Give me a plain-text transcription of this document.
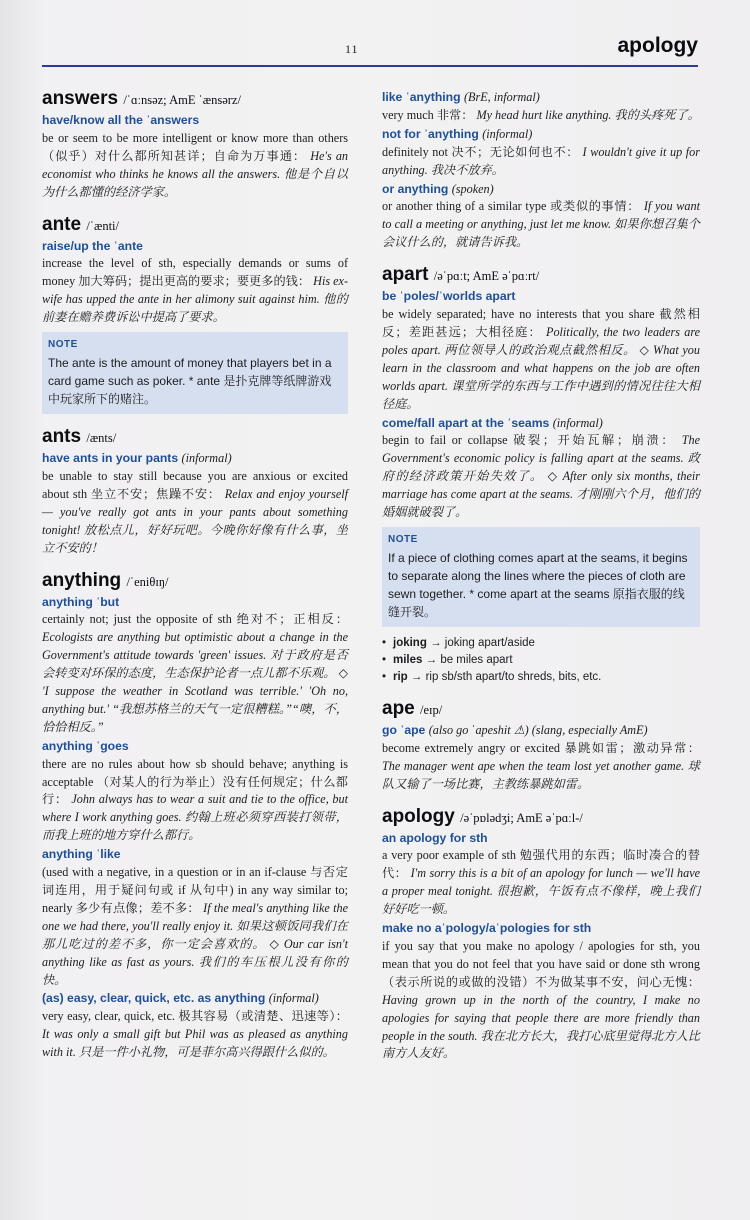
11	apology
answers /ˈɑːnsəz; AmE ˈænsərz/
have/know all the ˈanswers
be or seem to be more intelligent or know more than others （似乎）对什么都所知甚详；自命为万事通： He's an economist who thinks he knows all the answers. 他是个自以为什么都懂的经济学家。
ante /ˈænti/
raise/up the ˈante
increase the level of sth, especially demands or sums of money 加大筹码；提出更高的要求；要更多的钱： His ex-wife has upped the ante in her alimony suit against him. 他的前妻在赡养费诉讼中提高了要求。
NOTE
The ante is the amount of money that players bet in a card game such as poker. * ante 是扑克牌等纸牌游戏中玩家所下的赌注。
ants /ænts/
have ants in your pants (informal)
be unable to stay still because you are anxious or excited about sth 坐立不安；焦躁不安： Relax and enjoy yourself — you've really got ants in your pants about something tonight! 放松点儿，好好玩吧。今晚你好像有什么事，坐立不安的！
anything /ˈeniθɪŋ/
anything ˈbut
certainly not; just the opposite of sth 绝对不；正相反： Ecologists are anything but optimistic about a change in the Government's attitude towards 'green' issues. 对于政府是否会转变对环保的态度，生态保护论者一点儿都不乐观。 ◇ 'I suppose the weather in Scotland was terrible.' 'Oh no, anything but.' “我想苏格兰的天气一定很糟糕。”“噢，不，恰恰相反。”
anything ˈgoes
there are no rules about how sb should behave; anything is acceptable （对某人的行为举止）没有任何规定；什么都行： John always has to wear a suit and tie to the office, but where I work anything goes. 约翰上班必须穿西装打领带，而我上班的地方穿什么都行。
anything ˈlike
(used with a negative, in a question or in an if-clause 与否定词连用，用于疑问句或 if 从句中) in any way similar to; nearly 多少有点像；差不多： If the meal's anything like the one we had there, you'll really enjoy it. 如果这顿饭同我们在那儿吃过的差不多，你一定会喜欢的。 ◇ Our car isn't anything like as fast as yours. 我们的车压根儿没有你的快。
(as) easy, clear, quick, etc. as anything (informal)
very easy, clear, quick, etc. 极其容易（或清楚、迅速等）： It was only a small gift but Phil was as pleased as anything with it. 只是一件小礼物，可是菲尔高兴得跟什么似的。
like ˈanything (BrE, informal)
very much 非常： My head hurt like anything. 我的头疼死了。
not for ˈanything (informal)
definitely not 决不；无论如何也不： I wouldn't give it up for anything. 我决不放弃。
or anything (spoken)
or another thing of a similar type 或类似的事情： If you want to call a meeting or anything, just let me know. 如果你想召集个会议什么的，就请告诉我。
apart /əˈpɑːt; AmE əˈpɑːrt/
be ˈpoles/ˈworlds apart
be widely separated; have no interests that you share 截然相反；差距甚远；大相径庭： Politically, the two leaders are poles apart. 两位领导人的政治观点截然相反。 ◇ What you learn in the classroom and what happens on the job are often worlds apart. 课堂所学的东西与工作中遇到的情况往往大相径庭。
come/fall apart at the ˈseams (informal)
begin to fail or collapse 破裂；开始瓦解；崩溃： The Government's economic policy is falling apart at the seams. 政府的经济政策开始失效了。 ◇ After only six months, their marriage has come apart at the seams. 才刚刚六个月，他们的婚姻就破裂了。
NOTE
If a piece of clothing comes apart at the seams, it begins to separate along the lines where the pieces of cloth are sewn together. * come apart at the seams 原指衣服的线缝开裂。
• joking → joking apart/aside
• miles → be miles apart
• rip → rip sb/sth apart/to shreds, bits, etc.
ape /eɪp/
go ˈape (also go ˈapeshit ⚠) (slang, especially AmE)
become extremely angry or excited 暴跳如雷；激动异常： The manager went ape when the team lost yet another game. 球队又输了一场比赛，主教练暴跳如雷。
apology /əˈpɒlədʒi; AmE əˈpɑːl-/
an apology for sth
a very poor example of sth 勉强代用的东西；临时凑合的替代： I'm sorry this is a bit of an apology for lunch — we'll have a proper meal tonight. 很抱歉，午饭有点不像样，晚上我们好好吃一顿。
make no aˈpology/aˈpologies for sth
if you say that you make no apology / apologies for sth, you mean that you do not feel that you have said or done sth wrong （表示所说的或做的没错）不为做某事不安，问心无愧： Having grown up in the north of the country, I make no apologies for saying that people there are more friendly than people in the south. 我在北方长大，我打心底里觉得北方人比南方人友好。
